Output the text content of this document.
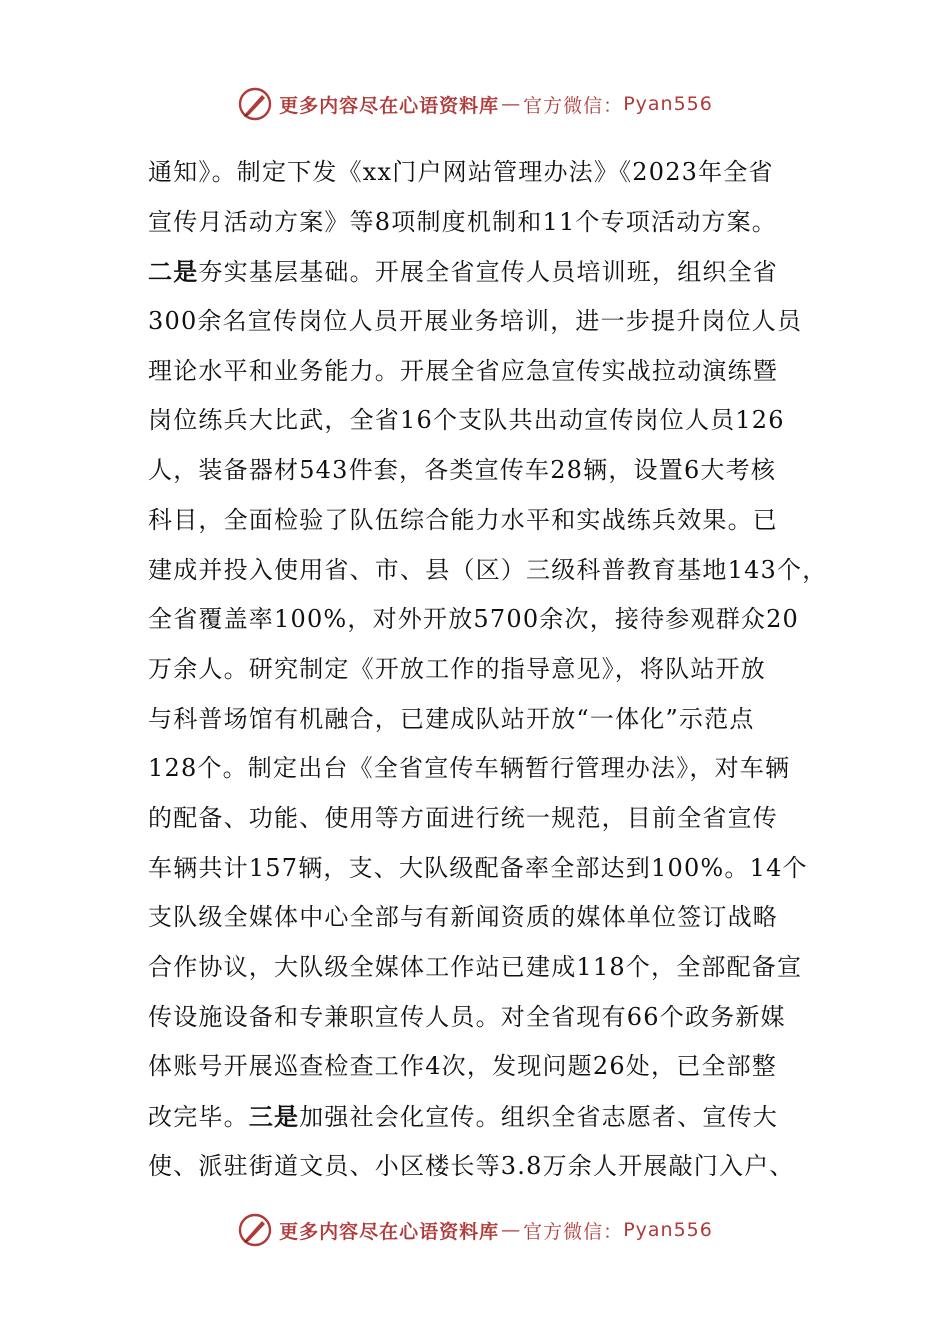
更多内容尽在心语资料库 — 官方微信： Pyan556
通知》。制定下发《xx门户网站管理办法》《2023年全省
宣传月活动方案》等8项制度机制和11个专项活动方案。
二是夯实基层基础。开展全省宣传人员培训班，组织全省
300余名宣传岗位人员开展业务培训，进一步提升岗位人员
理论水平和业务能力。开展全省应急宣传实战拉动演练暨
岗位练兵大比武，全省16个支队共出动宣传岗位人员126
人，装备器材543件套，各类宣传车28辆，设置6大考核
科目，全面检验了队伍综合能力水平和实战练兵效果。已
建成并投入使用省、市、县（区）三级科普教育基地143个，
全省覆盖率100%，对外开放5700余次，接待参观群众20
万余人。研究制定《开放工作的指导意见》，将队站开放
与科普场馆有机融合，已建成队站开放“一体化”示范点
128个。制定出台《全省宣传车辆暂行管理办法》，对车辆
的配备、功能、使用等方面进行统一规范，目前全省宣传
车辆共计157辆，支、大队级配备率全部达到100%。14个
支队级全媒体中心全部与有新闻资质的媒体单位签订战略
合作协议，大队级全媒体工作站已建成118个，全部配备宣
传设施设备和专兼职宣传人员。对全省现有66个政务新媒
体账号开展巡查检查工作4次，发现问题26处，已全部整
改完毕。三是加强社会化宣传。组织全省志愿者、宣传大
使、派驻街道文员、小区楼长等3.8万余人开展敲门入户、
更多内容尽在心语资料库 — 官方微信： Pyan556
